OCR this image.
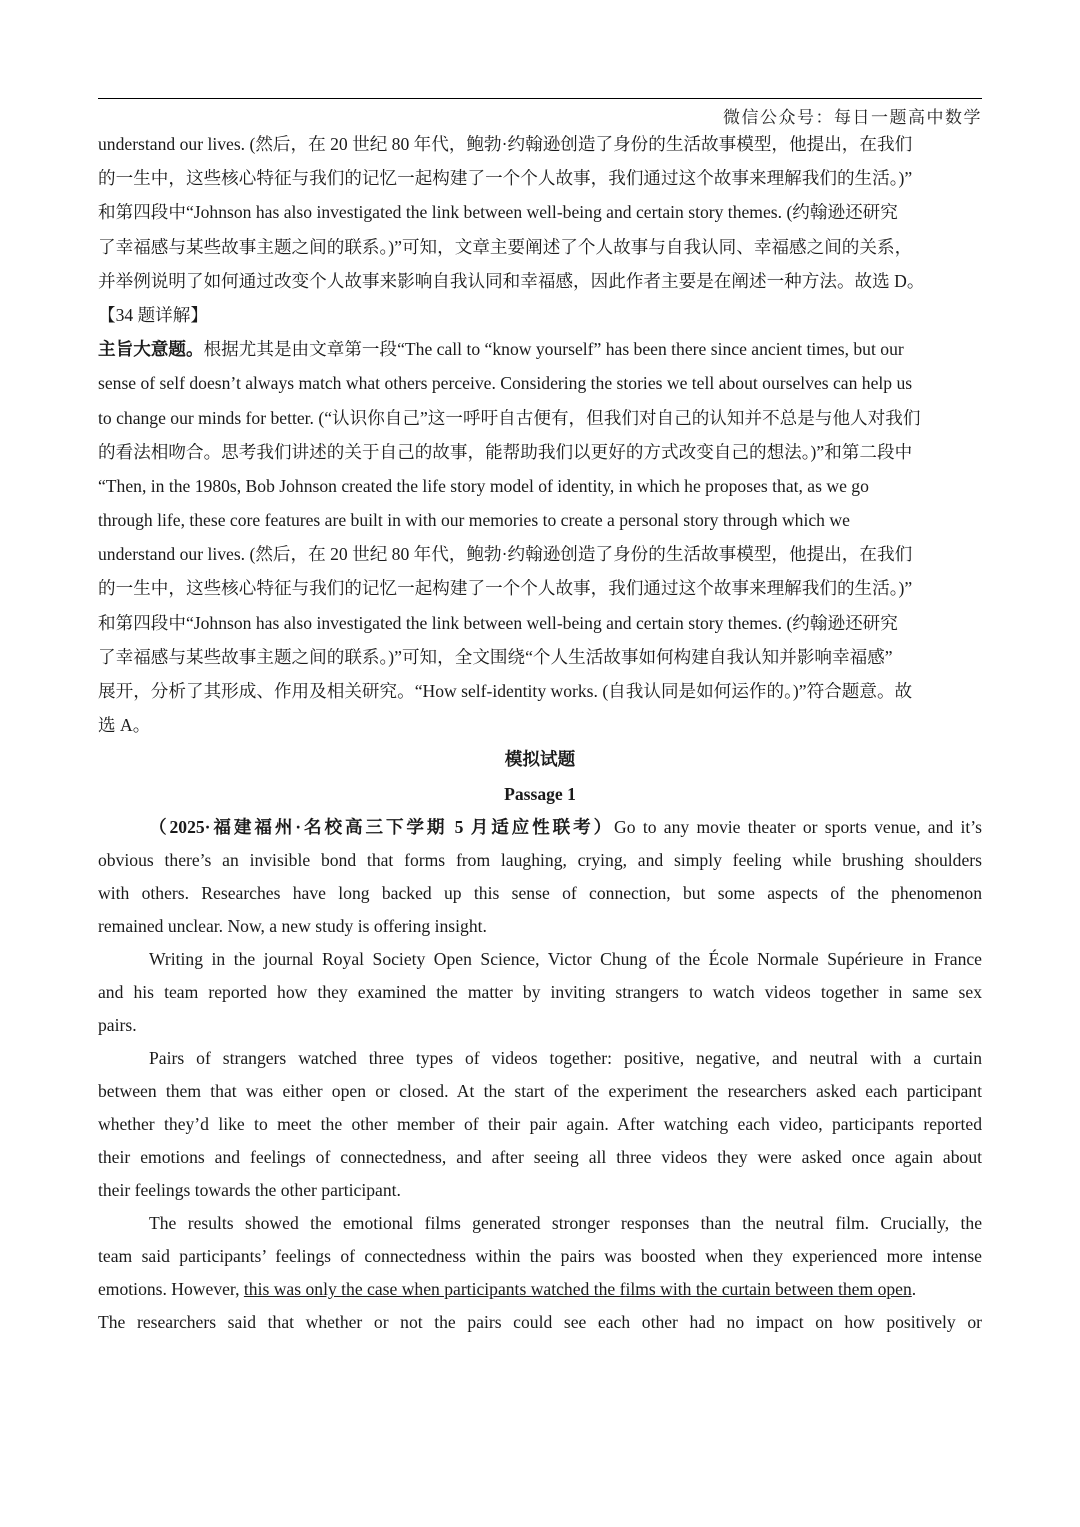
微信公众号：每日一题高中数学
understand our lives. (然后，在 20 世纪 80 年代，鲍勃·约翰逊创造了身份的生活故事模型，他提出，在我们
的一生中，这些核心特征与我们的记忆一起构建了一个个人故事，我们通过这个故事来理解我们的生活。)”
和第四段中“Johnson has also investigated the link between well-being and certain story themes. (约翰逊还研究
了幸福感与某些故事主题之间的联系。)”可知，文章主要阐述了个人故事与自我认同、幸福感之间的关系，
并举例说明了如何通过改变个人故事来影响自我认同和幸福感，因此作者主要是在阐述一种方法。故选 D。
【34 题详解】
主旨大意题。根据尤其是由文章第一段“The call to “know yourself” has been there since ancient times, but our
sense of self doesn’t always match what others perceive. Considering the stories we tell about ourselves can help us
to change our minds for better. (“认识你自己”这一呼吁自古便有，但我们对自己的认知并不总是与他人对我们
的看法相吻合。思考我们讲述的关于自己的故事，能帮助我们以更好的方式改变自己的想法。)”和第二段中
“Then, in the 1980s, Bob Johnson created the life story model of identity, in which he proposes that, as we go
through life, these core features are built in with our memories to create a personal story through which we
understand our lives. (然后，在 20 世纪 80 年代，鲍勃·约翰逊创造了身份的生活故事模型，他提出，在我们
的一生中，这些核心特征与我们的记忆一起构建了一个个人故事，我们通过这个故事来理解我们的生活。)”
和第四段中“Johnson has also investigated the link between well-being and certain story themes. (约翰逊还研究
了幸福感与某些故事主题之间的联系。)”可知，全文围绕“个人生活故事如何构建自我认知并影响幸福感”
展开，分析了其形成、作用及相关研究。“How self-identity works. (自我认同是如何运作的。)”符合题意。故
选 A。
模拟试题
Passage 1
（2025·福建福州·名校高三下学期 5 月适应性联考）Go to any movie theater or sports venue, and it’s
obvious there’s an invisible bond that forms from laughing, crying, and simply feeling while brushing shoulders
with others. Researches have long backed up this sense of connection, but some aspects of the phenomenon
remained unclear. Now, a new study is offering insight.
Writing in the journal Royal Society Open Science, Victor Chung of the École Normale Supérieure in France
and his team reported how they examined the matter by inviting strangers to watch videos together in same sex
pairs.
Pairs of strangers watched three types of videos together: positive, negative, and neutral with a curtain
between them that was either open or closed. At the start of the experiment the researchers asked each participant
whether they’d like to meet the other member of their pair again. After watching each video, participants reported
their emotions and feelings of connectedness, and after seeing all three videos they were asked once again about
their feelings towards the other participant.
The results showed the emotional films generated stronger responses than the neutral film. Crucially, the
team said participants’ feelings of connectedness within the pairs was boosted when they experienced more intense
emotions. However, this was only the case when participants watched the films with the curtain between them open.
The researchers said that whether or not the pairs could see each other had no impact on how positively or
